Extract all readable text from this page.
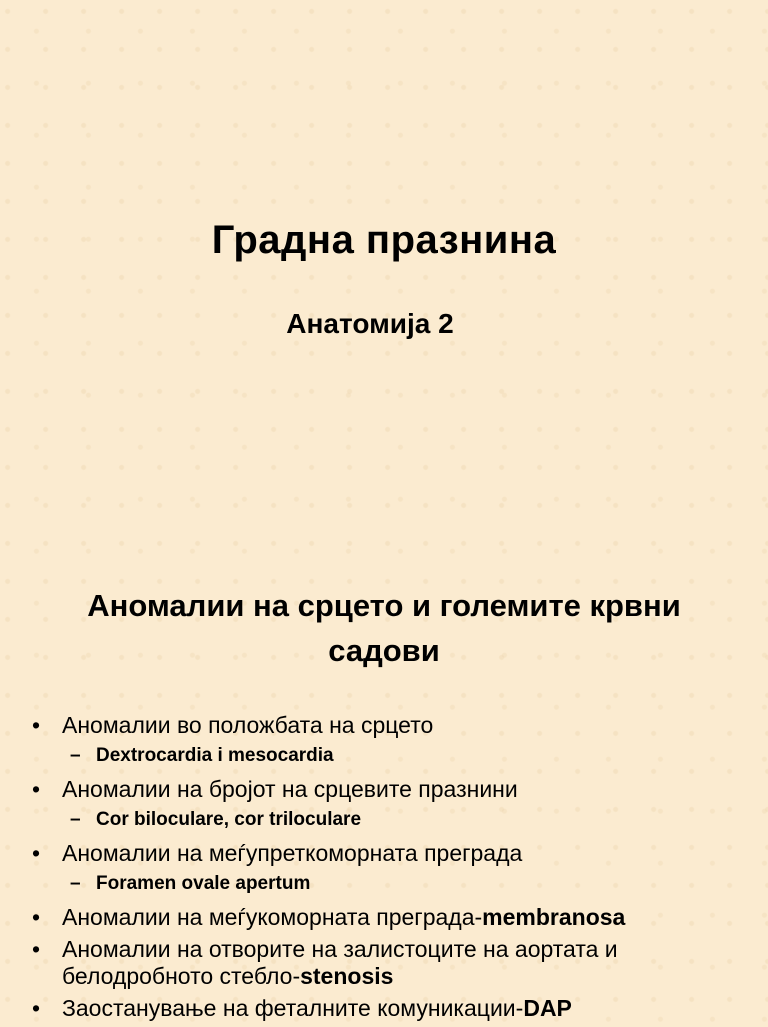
Градна празнина
Анатомија 2
Аномалии на срцето и големите крвни садови
• Аномалии во положбата на срцето
– Dextrocardia i mesocardia
• Аномалии на бројот на срцевите празнини
– Cor biloculare, cor triloculare
• Аномалии на меѓупреткоморната преграда
– Foramen ovale apertum
• Аномалии на меѓукоморната преграда-membranosa
• Аномалии на отворите на залистоците на аортата и белодробното стебло-stenosis
• Заостанување на феталните комуникации-DAP
